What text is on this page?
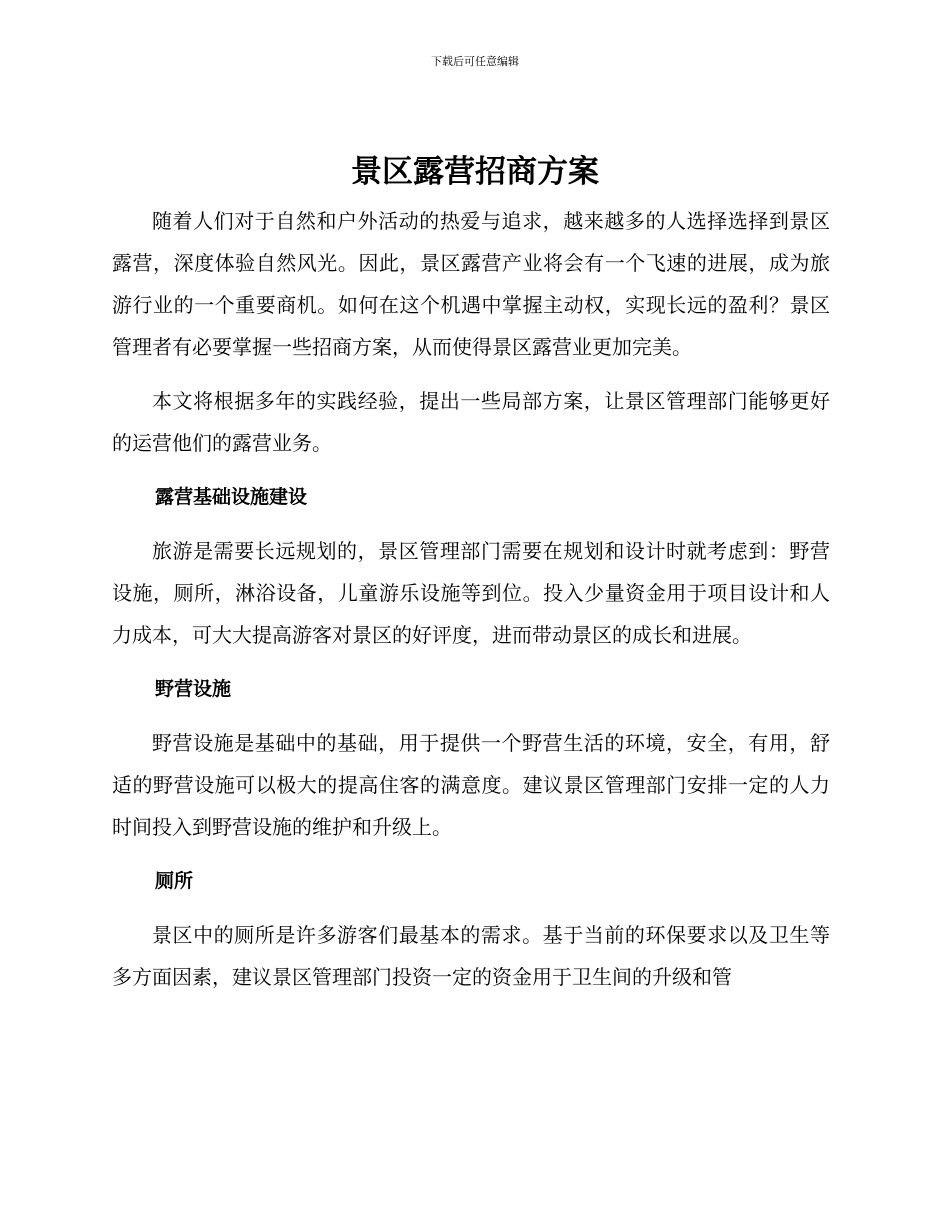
下载后可任意编辑
景区露营招商方案

随着人们对于自然和户外活动的热爱与追求，越来越多的人选择选择到景区露营，深度体验自然风光。因此，景区露营产业将会有一个飞速的进展，成为旅游行业的一个重要商机。如何在这个机遇中掌握主动权，实现长远的盈利？景区管理者有必要掌握一些招商方案，从而使得景区露营业更加完美。

本文将根据多年的实践经验，提出一些局部方案，让景区管理部门能够更好的运营他们的露营业务。

露营基础设施建设

旅游是需要长远规划的，景区管理部门需要在规划和设计时就考虑到：野营设施，厕所，淋浴设备，儿童游乐设施等到位。投入少量资金用于项目设计和人力成本，可大大提高游客对景区的好评度，进而带动景区的成长和进展。

野营设施

野营设施是基础中的基础，用于提供一个野营生活的环境，安全，有用，舒适的野营设施可以极大的提高住客的满意度。建议景区管理部门安排一定的人力时间投入到野营设施的维护和升级上。

厕所

景区中的厕所是许多游客们最基本的需求。基于当前的环保要求以及卫生等多方面因素，建议景区管理部门投资一定的资金用于卫生间的升级和管
